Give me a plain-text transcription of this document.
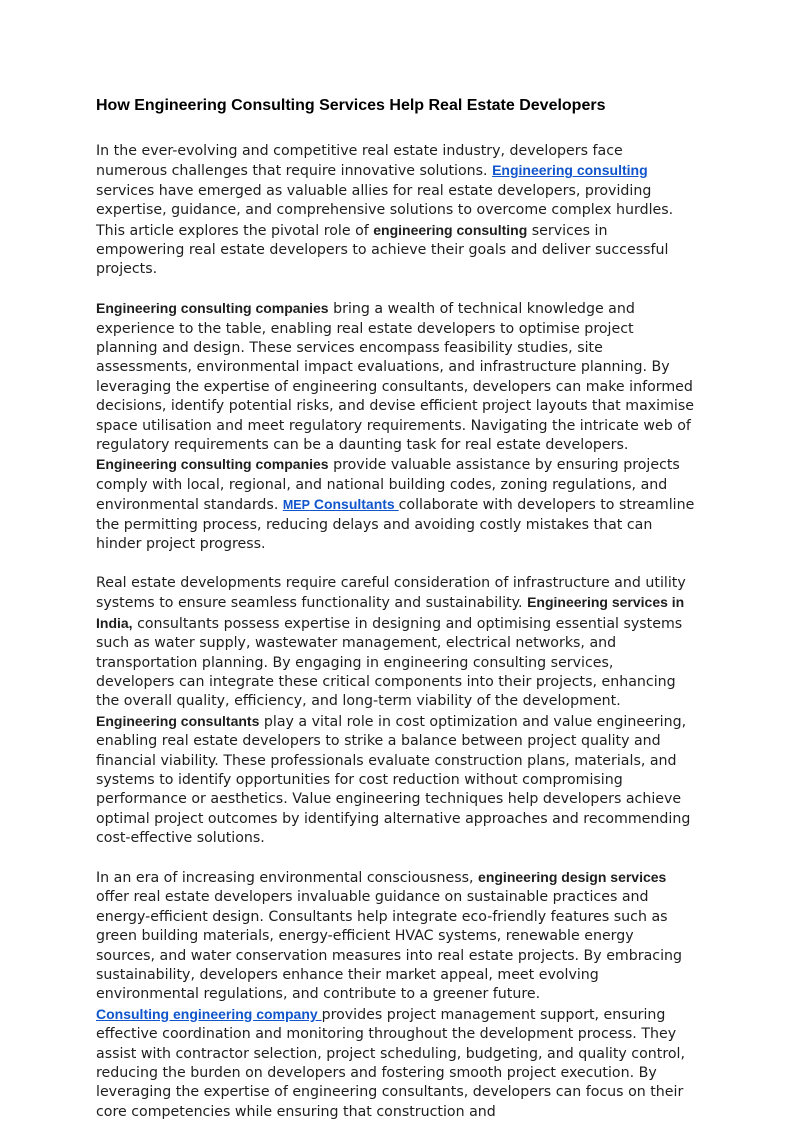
How Engineering Consulting Services Help Real Estate Developers

In the ever-evolving and competitive real estate industry, developers face numerous challenges that require innovative solutions. Engineering consulting services have emerged as valuable allies for real estate developers, providing expertise, guidance, and comprehensive solutions to overcome complex hurdles. This article explores the pivotal role of engineering consulting services in empowering real estate developers to achieve their goals and deliver successful projects.

Engineering consulting companies bring a wealth of technical knowledge and experience to the table, enabling real estate developers to optimise project planning and design. These services encompass feasibility studies, site assessments, environmental impact evaluations, and infrastructure planning. By leveraging the expertise of engineering consultants, developers can make informed decisions, identify potential risks, and devise efficient project layouts that maximise space utilisation and meet regulatory requirements. Navigating the intricate web of regulatory requirements can be a daunting task for real estate developers.

Engineering consulting companies provide valuable assistance by ensuring projects comply with local, regional, and national building codes, zoning regulations, and environmental standards. MEP Consultants collaborate with developers to streamline the permitting process, reducing delays and avoiding costly mistakes that can hinder project progress.

Real estate developments require careful consideration of infrastructure and utility systems to ensure seamless functionality and sustainability. Engineering services in India, consultants possess expertise in designing and optimising essential systems such as water supply, wastewater management, electrical networks, and transportation planning. By engaging in engineering consulting services, developers can integrate these critical components into their projects, enhancing the overall quality, efficiency, and long-term viability of the development. Engineering consultants play a vital role in cost optimization and value engineering, enabling real estate developers to strike a balance between project quality and financial viability. These professionals evaluate construction plans, materials, and systems to identify opportunities for cost reduction without compromising performance or aesthetics. Value engineering techniques help developers achieve optimal project outcomes by identifying alternative approaches and recommending cost-effective solutions.

In an era of increasing environmental consciousness, engineering design services offer real estate developers invaluable guidance on sustainable practices and energy-efficient design. Consultants help integrate eco-friendly features such as green building materials, energy-efficient HVAC systems, renewable energy sources, and water conservation measures into real estate projects. By embracing sustainability, developers enhance their market appeal, meet evolving environmental regulations, and contribute to a greener future.

Consulting engineering company provides project management support, ensuring effective coordination and monitoring throughout the development process. They assist with contractor selection, project scheduling, budgeting, and quality control, reducing the burden on developers and fostering smooth project execution. By leveraging the expertise of engineering consultants, developers can focus on their core competencies while ensuring that construction and
